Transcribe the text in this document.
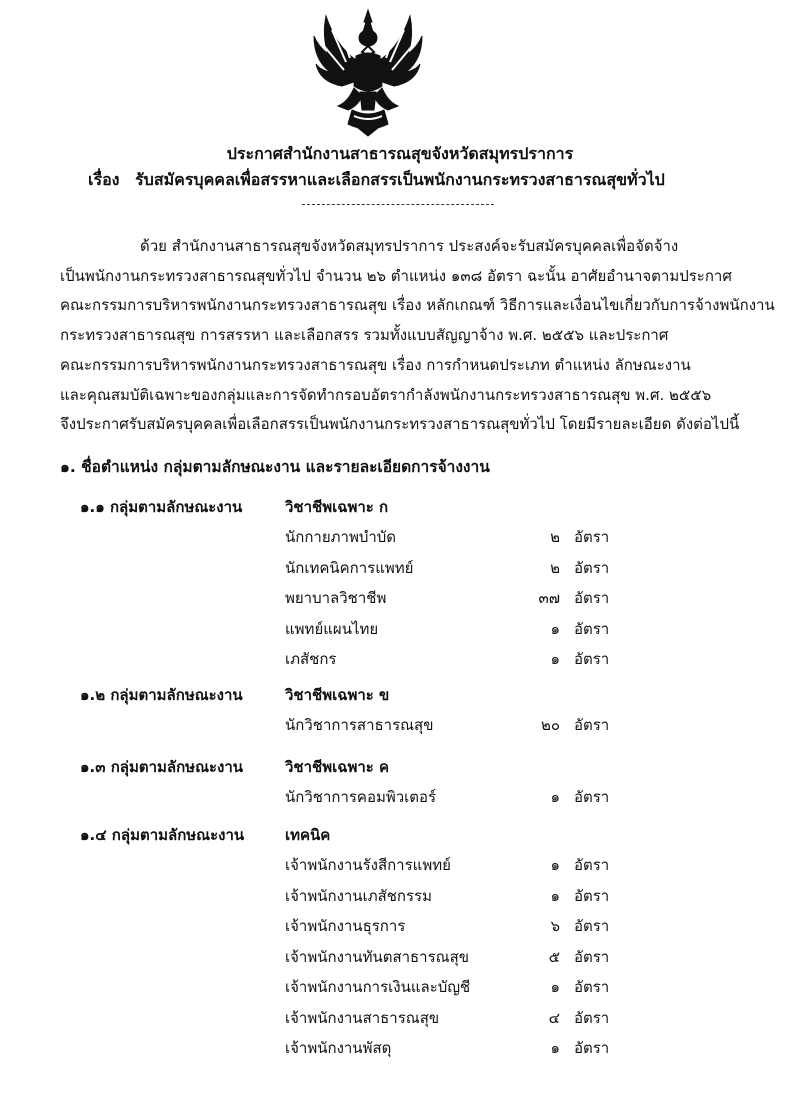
ประกาศสำนักงานสาธารณสุขจังหวัดสมุทรปราการ
เรื่อง รับสมัครบุคคลเพื่อสรรหาและเลือกสรรเป็นพนักงานกระทรวงสาธารณสุขทั่วไป
ด้วย สำนักงานสาธารณสุขจังหวัดสมุทรปราการ ประสงค์จะรับสมัครบุคคลเพื่อจัดจ้าง
เป็นพนักงานกระทรวงสาธารณสุขทั่วไป จำนวน ๒๖ ตำแหน่ง ๑๓๘ อัตรา ฉะนั้น อาศัยอำนาจตามประกาศ
คณะกรรมการบริหารพนักงานกระทรวงสาธารณสุข เรื่อง หลักเกณฑ์ วิธีการและเงื่อนไขเกี่ยวกับการจ้างพนักงาน
กระทรวงสาธารณสุข การสรรหา และเลือกสรร รวมทั้งแบบสัญญาจ้าง พ.ศ. ๒๕๕๖ และประกาศ
คณะกรรมการบริหารพนักงานกระทรวงสาธารณสุข เรื่อง การกำหนดประเภท ตำแหน่ง ลักษณะงาน
และคุณสมบัติเฉพาะของกลุ่มและการจัดทำกรอบอัตรากำลังพนักงานกระทรวงสาธารณสุข พ.ศ. ๒๕๕๖
จึงประกาศรับสมัครบุคคลเพื่อเลือกสรรเป็นพนักงานกระทรวงสาธารณสุขทั่วไป โดยมีรายละเอียด ดังต่อไปนี้
๑. ชื่อตำแหน่ง กลุ่มตามลักษณะงาน และรายละเอียดการจ้างงาน
๑.๑ กลุ่มตามลักษณะงาน	วิชาชีพเฉพาะ ก
นักกายภาพบำบัด	๒ อัตรา
นักเทคนิคการแพทย์	๒ อัตรา
พยาบาลวิชาชีพ	๓๗ อัตรา
แพทย์แผนไทย	๑ อัตรา
เภสัชกร	๑ อัตรา
๑.๒ กลุ่มตามลักษณะงาน	วิชาชีพเฉพาะ ข
นักวิชาการสาธารณสุข	๒๐ อัตรา
๑.๓ กลุ่มตามลักษณะงาน	วิชาชีพเฉพาะ ค
นักวิชาการคอมพิวเตอร์	๑ อัตรา
๑.๔ กลุ่มตามลักษณะงาน	เทคนิค
เจ้าพนักงานรังสีการแพทย์	๑ อัตรา
เจ้าพนักงานเภสัชกรรม	๑ อัตรา
เจ้าพนักงานธุรการ	๖ อัตรา
เจ้าพนักงานทันตสาธารณสุข	๕ อัตรา
เจ้าพนักงานการเงินและบัญชี	๑ อัตรา
เจ้าพนักงานสาธารณสุข	๔ อัตรา
เจ้าพนักงานพัสดุ	๑ อัตรา
